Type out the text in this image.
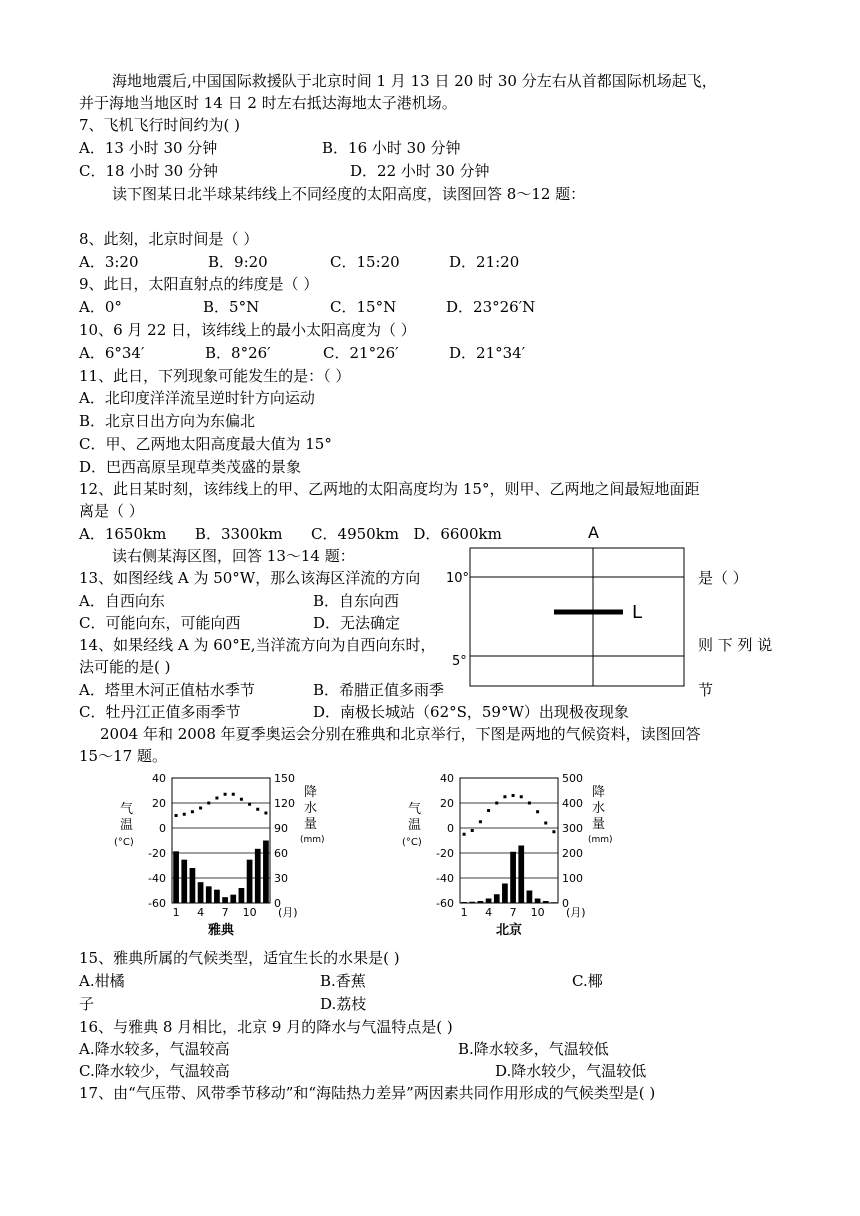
海地地震后,中国国际救援队于北京时间 1 月 13 日 20 时 30 分左右从首都国际机场起飞，
并于海地当地区时 14 日 2 时左右抵达海地太子港机场。
7、飞机飞行时间约为( )
A．13 小时 30 分钟	B．16 小时 30 分钟
C．18 小时 30 分钟	D．22 小时 30 分钟
读下图某日北半球某纬线上不同经度的太阳高度，读图回答 8～12 题：
8、此刻，北京时间是（ ）
A．3:20	B．9:20	C．15:20	D．21:20
9、此日，太阳直射点的纬度是（ ）
A．0°	B．5°N	C．15°N	D．23°26′N
10、6 月 22 日，该纬线上的最小太阳高度为（ ）
A．6°34′	B．8°26′	C．21°26′	D．21°34′
11、此日，下列现象可能发生的是：（ ）
A．北印度洋洋流呈逆时针方向运动
B．北京日出方向为东偏北
C．甲、乙两地太阳高度最大值为 15°
D．巴西高原呈现草类茂盛的景象
12、此日某时刻，该纬线上的甲、乙两地的太阳高度均为 15°，则甲、乙两地之间最短地面距
离是（ ）
A．1650km      B．3300km      C．4950km   D．6600km
读右侧某海区图，回答 13～14 题：
A
L
10°
5°
13、如图经线 A 为 50°W，那么该海区洋流的方向	是（ ）
A．自西向东	B．自东向西
C．可能向东，可能向西	D．无法确定
14、如果经线 A 为 60°E,当洋流方向为自西向东时，	则 下 列 说
法可能的是( )
A．塔里木河正值枯水季节	B．希腊正值多雨季	节
C．牡丹江正值多雨季节	D．南极长城站（62°S，59°W）出现极夜现象
2004 年和 2008 年夏季奥运会分别在雅典和北京举行，下图是两地的气候资料，读图回答
15～17 题。
40
20
0
-20
-40
-60
150
120
90
60
30
0
1 4 7 10 (月)
气
温
(°C)
降
水
量
(mm)
雅典
40
20
0
-20
-40
-60
500
400
300
200
100
0
1 4 7 10 (月)
气
温
(°C)
降
水
量
(mm)
北京
15、雅典所属的气候类型，适宜生长的水果是( )
A.柑橘	B.香蕉	C.椰
子	D.荔枝
16、与雅典 8 月相比，北京 9 月的降水与气温特点是( )
A.降水较多，气温较高	B.降水较多，气温较低
C.降水较少，气温较高	D.降水较少，气温较低
17、由“气压带、风带季节移动”和“海陆热力差异”两因素共同作用形成的气候类型是( )
